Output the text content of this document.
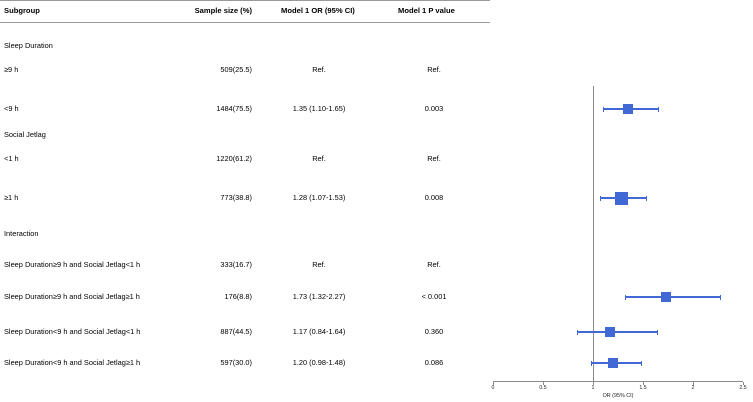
Subgroup	Sample size (%)	Model 1 OR (95% CI)	Model 1 P value
Sleep Duration
≥9 h	509(25.5)	Ref.	Ref.
<9 h	1484(75.5)	1.35 (1.10-1.65)	0.003
Social Jetlag
<1 h	1220(61.2)	Ref.	Ref.
≥1 h	773(38.8)	1.28 (1.07-1.53)	0.008
Interaction
Sleep Duration≥9 h and Social Jetlag<1 h	333(16.7)	Ref.	Ref.
Sleep Duration≥9 h and Social Jetlag≥1 h	176(8.8)	1.73 (1.32-2.27)	< 0.001
Sleep Duration<9 h and Social Jetlag<1 h	887(44.5)	1.17 (0.84-1.64)	0.360
Sleep Duration<9 h and Social Jetlag≥1 h	597(30.0)	1.20 (0.98-1.48)	0.086
0	0.5	1	1.5	2	2.5
OR (95% CI)
